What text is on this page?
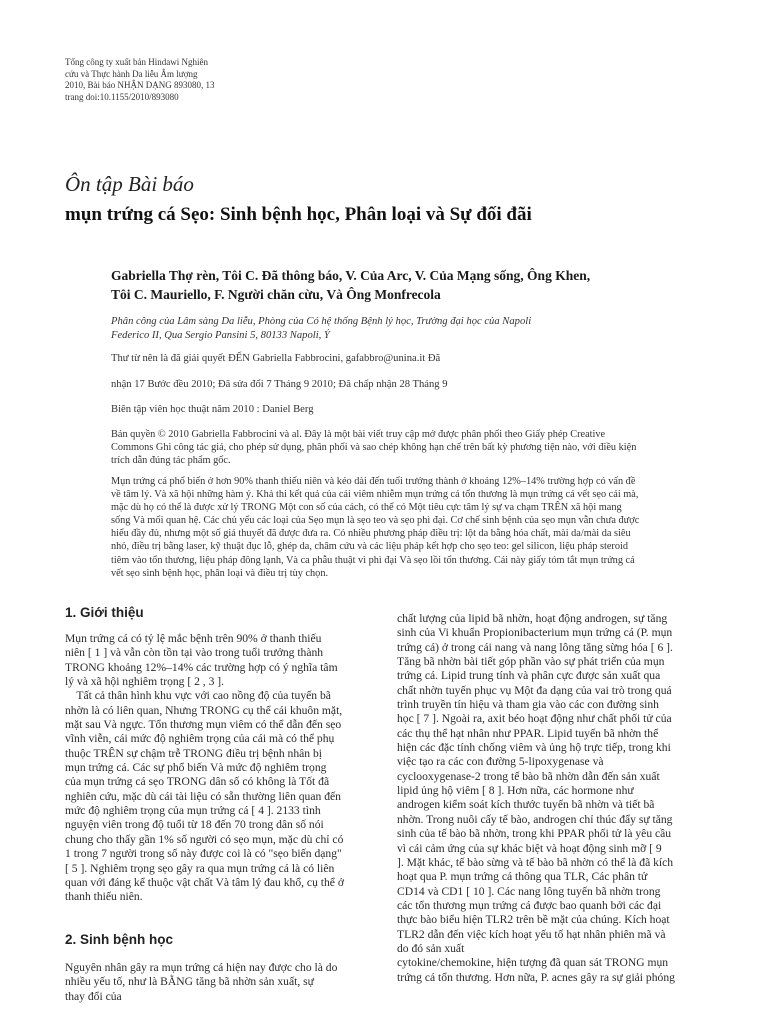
Tổng công ty xuất bản Hindawi Nghiên
cứu và Thực hành Da liễu Âm lượng
2010, Bài báo NHẬN DẠNG 893080, 13
trang doi:10.1155/2010/893080
Ôn tập Bài báo
mụn trứng cá Sẹo: Sinh bệnh học, Phân loại và Sự đối đãi
Gabriella Thợ rèn, Tôi C. Đã thông báo, V. Của Arc, V. Của Mạng sống, Ông Khen,
Tôi C. Mauriello, F. Người chăn cừu, Và Ông Monfrecola
Phân công của Lâm sàng Da liễu, Phòng của Có hệ thống Bệnh lý học, Trường đại học của Napoli
Federico II, Qua Sergio Pansini 5, 80133 Napoli, Ý
Thư từ nên là đã giải quyết ĐẾN Gabriella Fabbrocini, gafabbro@unina.it Đã
nhận 17 Bước đều 2010; Đã sửa đổi 7 Tháng 9 2010; Đã chấp nhận 28 Tháng 9
Biên tập viên học thuật năm 2010 : Daniel Berg
Bản quyền © 2010 Gabriella Fabbrocini và al. Đây là một bài viết truy cập mở được phân phối theo Giấy phép Creative
Commons Ghi công tác giả, cho phép sử dụng, phân phối và sao chép không hạn chế trên bất kỳ phương tiện nào, với điều kiện
trích dẫn đúng tác phẩm gốc.
Mụn trứng cá phổ biến ở hơn 90% thanh thiếu niên và kéo dài đến tuổi trưởng thành ở khoảng 12%–14% trường hợp có vấn đề
về tâm lý. Và xã hội những hàm ý. Khả thi kết quả của cái viêm nhiễm mụn trứng cá tổn thương là mụn trứng cá vết sẹo cái mà,
mặc dù họ có thể là được xử lý TRONG Một con số của cách, có thể có Một tiêu cực tâm lý sự va chạm TRÊN xã hội mang
sống Và mối quan hệ. Các chủ yếu các loại của Sẹo mụn là sẹo teo và sẹo phì đại. Cơ chế sinh bệnh của sẹo mụn vẫn chưa được
hiểu đầy đủ, nhưng một số giả thuyết đã được đưa ra. Có nhiều phương pháp điều trị: lột da bằng hóa chất, mài da/mài da siêu
nhỏ, điều trị bằng laser, kỹ thuật đục lỗ, ghép da, châm cứu và các liệu pháp kết hợp cho sẹo teo: gel silicon, liệu pháp steroid
tiêm vào tổn thương, liệu pháp đông lạnh, Và ca phẫu thuật vì phì đại Và sẹo lồi tổn thương. Cái này giấy tóm tắt mụn trứng cá
vết sẹo sinh bệnh học, phân loại và điều trị tùy chọn.
1. Giới thiệu
Mụn trứng cá có tỷ lệ mắc bệnh trên 90% ở thanh thiếu
niên [ 1 ] và vẫn còn tồn tại vào trong tuổi trưởng thành
TRONG khoảng 12%–14% các trường hợp có ý nghĩa tâm
lý và xã hội nghiêm trọng [ 2 , 3 ].
Tất cả thân hình khu vực với cao nồng độ của tuyến bã
nhờn là có liên quan, Nhưng TRONG cụ thể cái khuôn mặt,
mặt sau Và ngực. Tổn thương mụn viêm có thể dẫn đến sẹo
vĩnh viễn, cái mức độ nghiêm trọng của cái mà có thể phụ
thuộc TRÊN sự chậm trễ TRONG điều trị bệnh nhân bị
mụn trứng cá. Các sự phổ biến Và mức độ nghiêm trọng
của mụn trứng cá sẹo TRONG dân số có không là Tốt đã
nghiên cứu, mặc dù cái tài liệu có sẵn thường liên quan đến
mức độ nghiêm trọng của mụn trứng cá [ 4 ]. 2133 tình
nguyện viên trong độ tuổi từ 18 đến 70 trong dân số nói
chung cho thấy gần 1% số người có sẹo mụn, mặc dù chỉ có
1 trong 7 người trong số này được coi là có "sẹo biến dạng"
[ 5 ]. Nghiêm trọng sẹo gây ra qua mụn trứng cá là có liên
quan với đáng kể thuộc vật chất Và tâm lý đau khổ, cụ thể ở
thanh thiếu niên.
2. Sinh bệnh học
Nguyên nhân gây ra mụn trứng cá hiện nay được cho là do
nhiều yếu tố, như là BẰNG tăng bã nhờn sản xuất, sự
thay đổi của
chất lượng của lipid bã nhờn, hoạt động androgen, sự tăng
sinh của Vi khuẩn Propionibacterium mụn trứng cá (P. mụn
trứng cá) ở trong cái nang và nang lông tăng sừng hóa [ 6 ].
Tăng bã nhờn bài tiết góp phần vào sự phát triển của mụn
trứng cá. Lipid trung tính và phân cực được sản xuất qua
chất nhờn tuyến phục vụ Một đa dạng của vai trò trong quá
trình truyền tín hiệu và tham gia vào các con đường sinh
học [ 7 ]. Ngoài ra, axit béo hoạt động như chất phối tử của
các thụ thể hạt nhân như PPAR. Lipid tuyến bã nhờn thể
hiện các đặc tính chống viêm và ủng hộ trực tiếp, trong khi
việc tạo ra các con đường 5-lipoxygenase và
cyclooxygenase-2 trong tế bào bã nhờn dẫn đến sản xuất
lipid ủng hộ viêm [ 8 ]. Hơn nữa, các hormone như
androgen kiểm soát kích thước tuyến bã nhờn và tiết bã
nhờn. Trong nuôi cấy tế bào, androgen chỉ thúc đẩy sự tăng
sinh của tế bào bã nhờn, trong khi PPAR phối tử là yêu cầu
vì cái cảm ứng của sự khác biệt và hoạt động sinh mỡ [ 9
]. Mặt khác, tế bào sừng và tế bào bã nhờn có thể là đã kích
hoạt qua P. mụn trứng cá thông qua TLR, Các phân tử
CD14 và CD1 [ 10 ]. Các nang lông tuyến bã nhờn trong
các tổn thương mụn trứng cá được bao quanh bởi các đại
thực bào biểu hiện TLR2 trên bề mặt của chúng. Kích hoạt
TLR2 dẫn đến việc kích hoạt yếu tố hạt nhân phiên mã và
do đó sản xuất
cytokine/chemokine, hiện tượng đã quan sát TRONG mụn
trứng cá tổn thương. Hơn nữa, P. acnes gây ra sự giải phóng
